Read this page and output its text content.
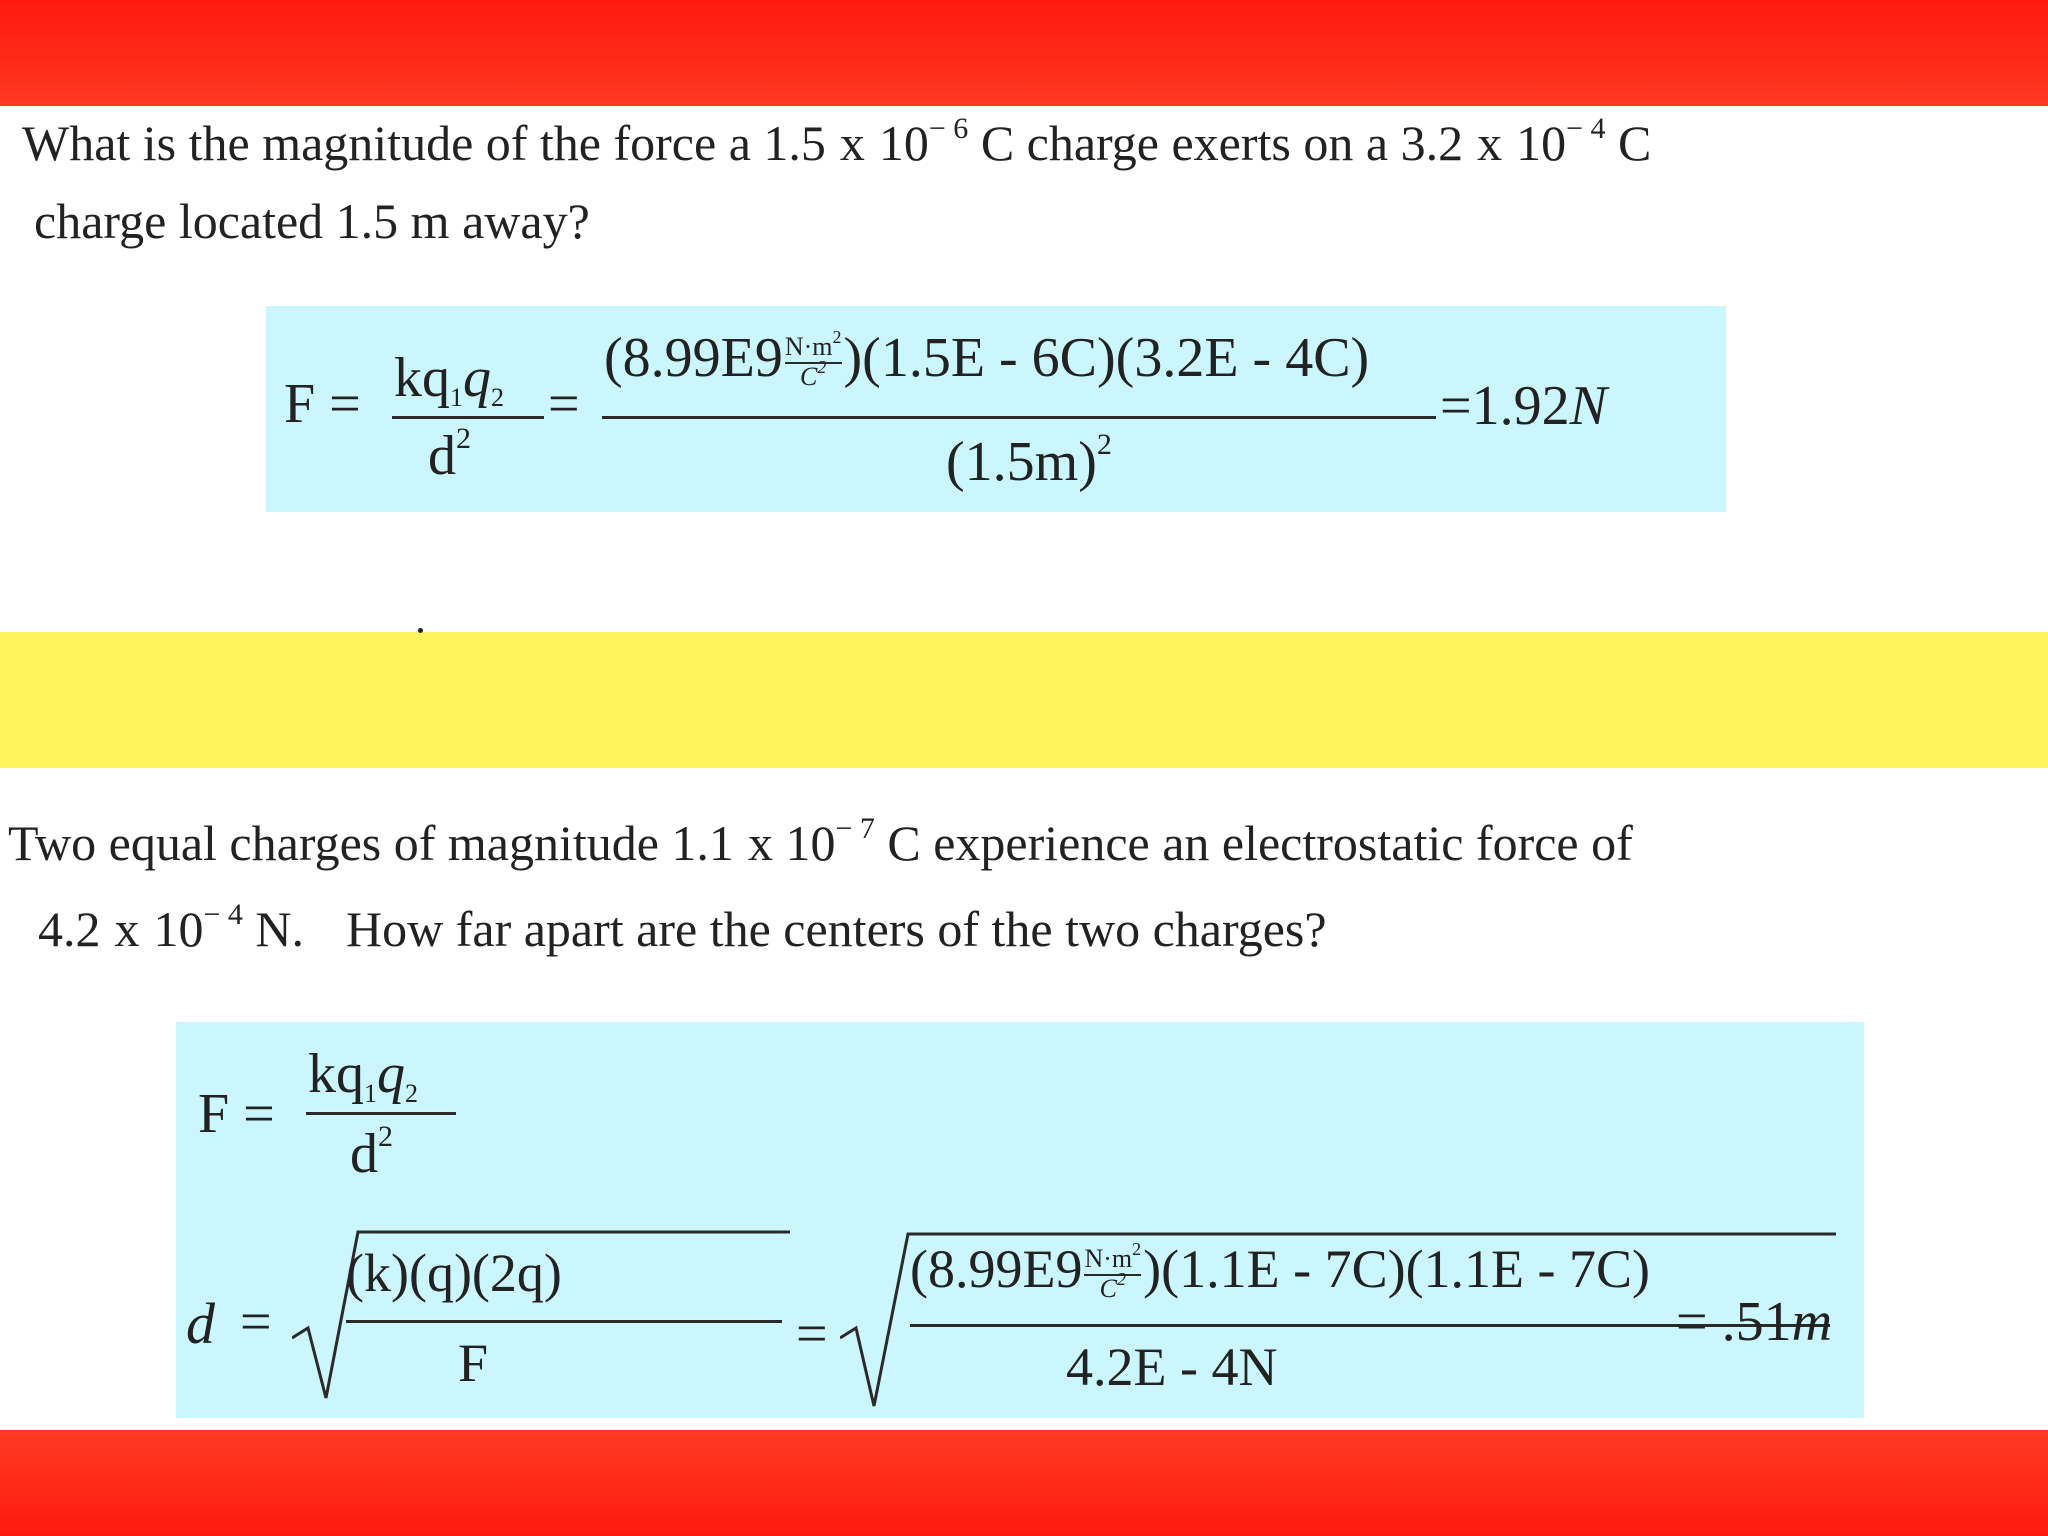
What is the magnitude of the force a 1.5 x $10^{- 6}$ C charge exerts on a 3.2 x $10^{- 4}$ C
charge located 1.5 m away?
F = kq1q2
$d^2$
=
$(8.99E9 \frac{N\cdot m^2}{C^2} )(1.5E - 6C)(3.2E - 4C)$
$(1.5m)^2$
=1.92N
Two equal charges of magnitude 1.1 x $10^{- 7}$ C experience an electrostatic force of
4.2 x $10^{- 4}$ N. How far apart are the centers of the two charges?
F =
kq1q2
$d^2$
d =
(k)(q)(2q)
F	=
$(8.99E9 \frac{N\cdot m^2}{C^2} )(1.1E - 7C)(1.1E - 7C)$
4.2E - 4N
= .51m
